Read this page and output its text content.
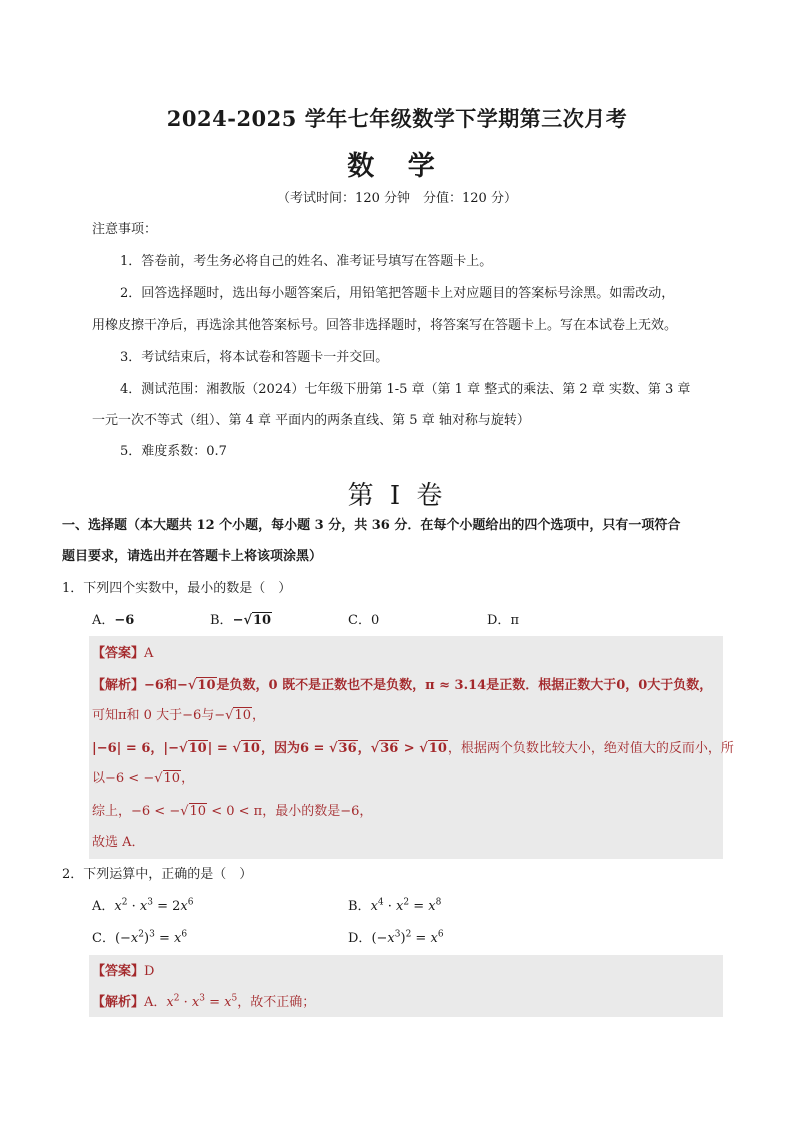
2024-2025 学年七年级数学下学期第三次月考
数 学
（考试时间：120 分钟　分值：120 分）
注意事项：
1．答卷前，考生务必将自己的姓名、准考证号填写在答题卡上。
2．回答选择题时，选出每小题答案后，用铅笔把答题卡上对应题目的答案标号涂黑。如需改动，
用橡皮擦干净后，再选涂其他答案标号。回答非选择题时，将答案写在答题卡上。写在本试卷上无效。
3．考试结束后，将本试卷和答题卡一并交回。
4．测试范围：湘教版（2024）七年级下册第 1-5 章（第 1 章 整式的乘法、第 2 章 实数、第 3 章
一元一次不等式（组）、第 4 章 平面内的两条直线、第 5 章 轴对称与旋转）
5．难度系数：0.7
第 I 卷
一、选择题（本大题共 12 个小题，每小题 3 分，共 36 分．在每个小题给出的四个选项中，只有一项符合
题目要求，请选出并在答题卡上将该项涂黑）
1．下列四个实数中，最小的数是（　）
A．−6	B．−√10	C．0	D．π
【答案】A
【解析】−6和−√10是负数，0 既不是正数也不是负数，π ≈ 3.14是正数．根据正数大于0，0大于负数，
可知π和 0 大于−6与−√10，
|−6| = 6，|−√10| = √10，因为6 = √36，√36 > √10，根据两个负数比较大小，绝对值大的反而小，所
以−6 < −√10，
综上，−6 < −√10 < 0 < π，最小的数是−6，
故选 A．
2．下列运算中，正确的是（　）
A．$x^2 \cdot x^3 = 2x^6$	B．$x^4 \cdot x^2 = x^8$
C．$(-x^2)^3 = x^6$	D．$(-x^3)^2 = x^6$
【答案】D
【解析】A．$x^2 \cdot x^3 = x^5$，故不正确；
